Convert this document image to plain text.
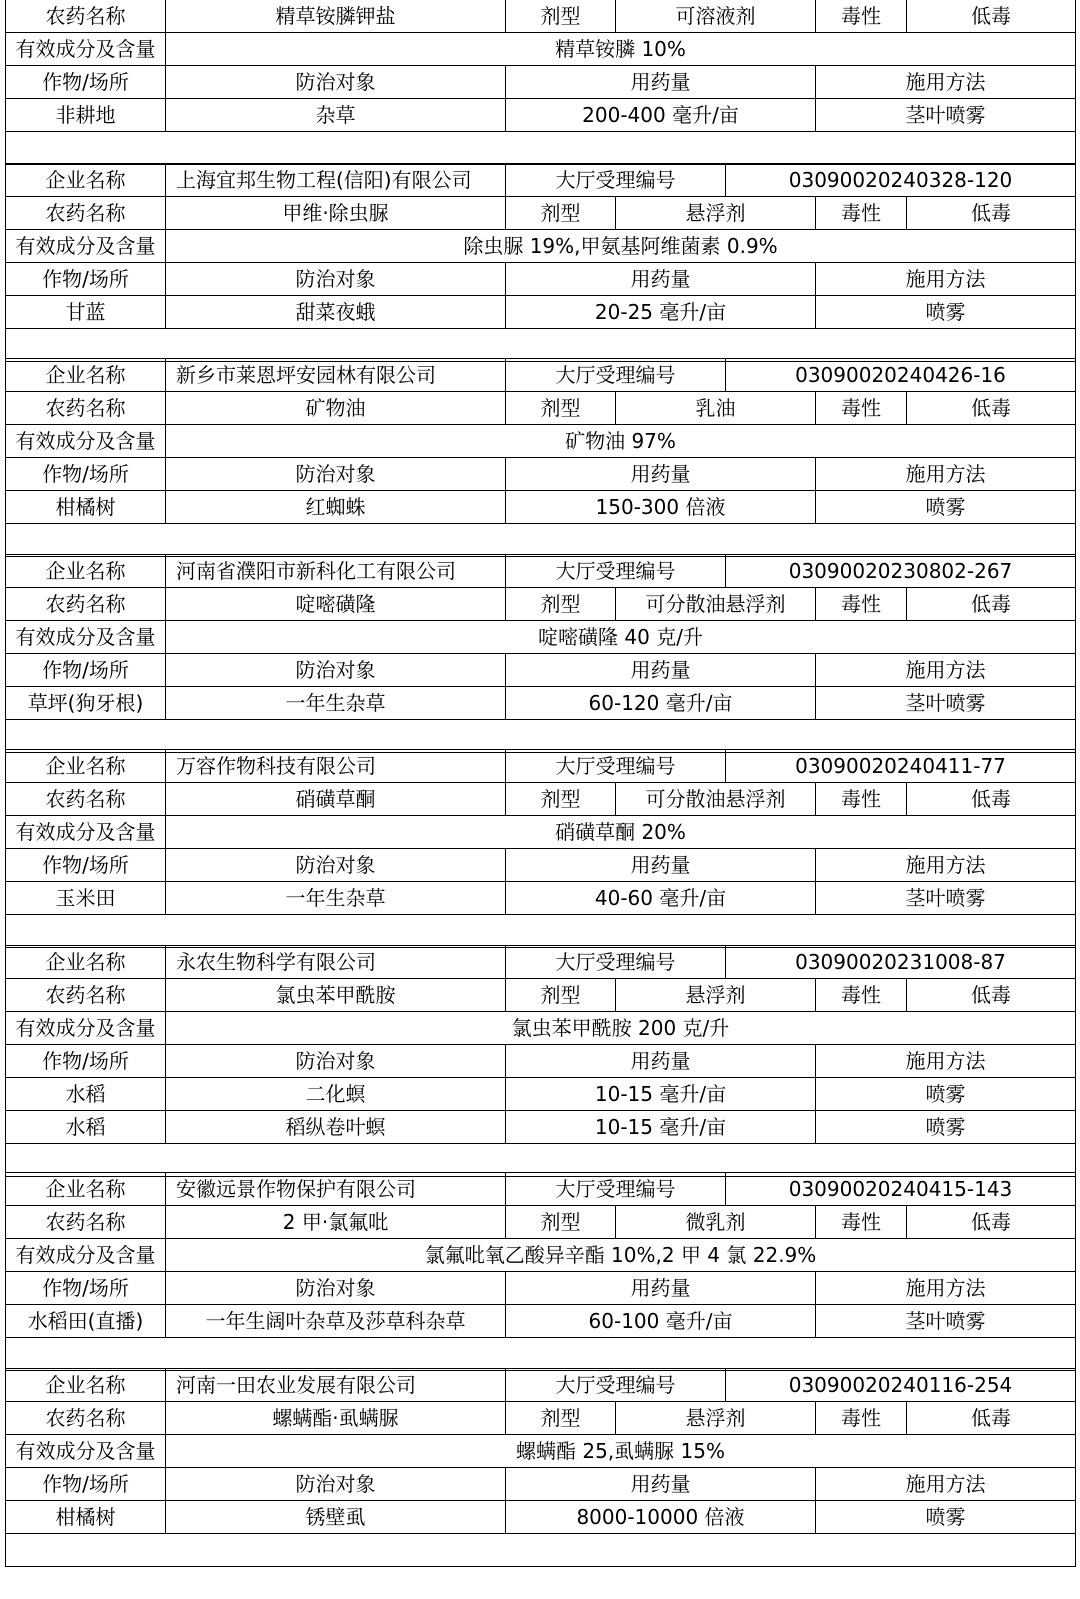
农药名称	精草铵膦钾盐	剂型	可溶液剂		毒性	低毒

有效成分及含量	精草铵膦 10%
作物/场所	防治对象	用药量	施用方法
非耕地	杂草	200-400 毫升/亩	茎叶喷雾

企业名称	上海宜邦生物工程(信阳)有限公司	大厅受理编号	03090020240328-120
农药名称	甲维·除虫脲	剂型	悬浮剂		毒性	低毒

有效成分及含量	除虫脲 19%,甲氨基阿维菌素 0.9%
作物/场所	防治对象	用药量	施用方法
甘蓝	甜菜夜蛾	20-25 毫升/亩	喷雾

企业名称	新乡市莱恩坪安园林有限公司	大厅受理编号	03090020240426-16
农药名称	矿物油	剂型	乳油		毒性	低毒

有效成分及含量	矿物油 97%
作物/场所	防治对象	用药量	施用方法
柑橘树	红蜘蛛	150-300 倍液	喷雾

企业名称	河南省濮阳市新科化工有限公司	大厅受理编号	03090020230802-267
农药名称	啶嘧磺隆	剂型	可分散油悬浮剂		毒性	低毒

有效成分及含量	啶嘧磺隆 40 克/升
作物/场所	防治对象	用药量	施用方法
草坪(狗牙根)	一年生杂草	60-120 毫升/亩	茎叶喷雾

企业名称	万容作物科技有限公司	大厅受理编号	03090020240411-77
农药名称	硝磺草酮	剂型	可分散油悬浮剂		毒性	低毒

有效成分及含量	硝磺草酮 20%
作物/场所	防治对象	用药量	施用方法
玉米田	一年生杂草	40-60 毫升/亩	茎叶喷雾

企业名称	永农生物科学有限公司	大厅受理编号	03090020231008-87
农药名称	氯虫苯甲酰胺	剂型	悬浮剂		毒性	低毒

有效成分及含量	氯虫苯甲酰胺 200 克/升
作物/场所	防治对象	用药量	施用方法
水稻	二化螟	10-15 毫升/亩	喷雾
水稻	稻纵卷叶螟	10-15 毫升/亩	喷雾

企业名称	安徽远景作物保护有限公司	大厅受理编号	03090020240415-143
农药名称	2 甲·氯氟吡	剂型	微乳剂		毒性	低毒

有效成分及含量	氯氟吡氧乙酸异辛酯 10%,2 甲 4 氯 22.9%
作物/场所	防治对象	用药量	施用方法
水稻田(直播)	一年生阔叶杂草及莎草科杂草	60-100 毫升/亩	茎叶喷雾

企业名称	河南一田农业发展有限公司	大厅受理编号	03090020240116-254
农药名称	螺螨酯·虱螨脲	剂型	悬浮剂		毒性	低毒

有效成分及含量	螺螨酯 25,虱螨脲 15%
作物/场所	防治对象	用药量	施用方法
柑橘树	锈壁虱	8000-10000 倍液	喷雾
